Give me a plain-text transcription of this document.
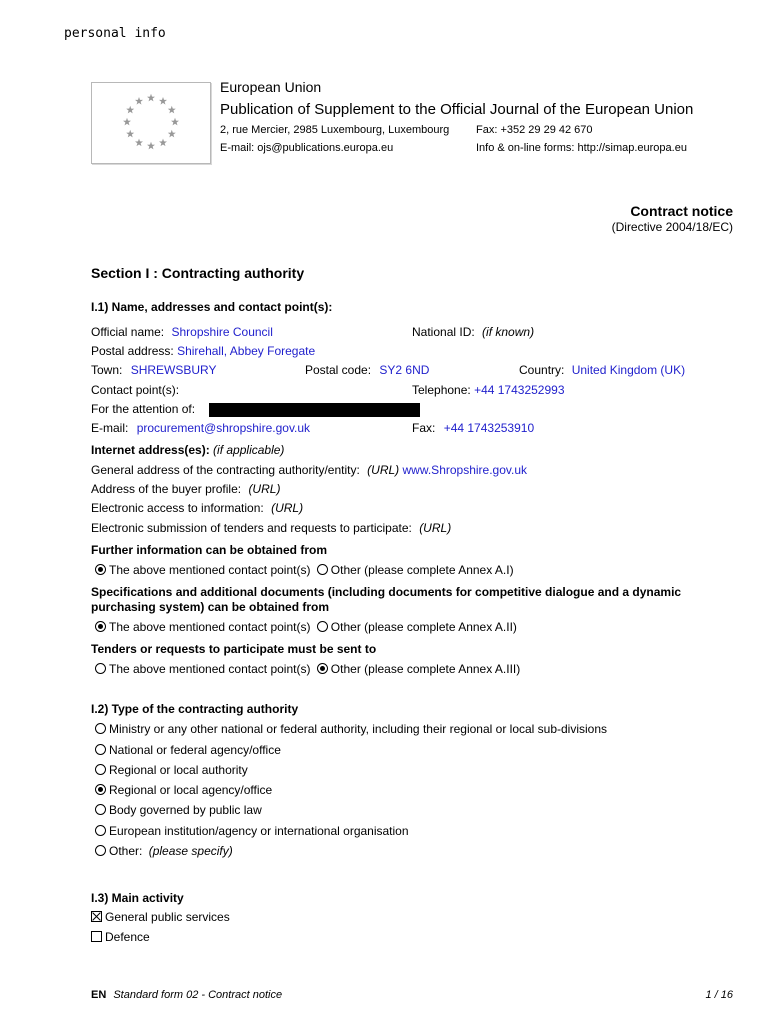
personal info
European Union
Publication of Supplement to the Official Journal of the European Union
2, rue Mercier, 2985 Luxembourg, Luxembourg Fax: +352 29 29 42 670
E-mail: ojs@publications.europa.eu	Info & on-line forms: http://simap.europa.eu
Contract notice
(Directive 2004/18/EC)
Section I : Contracting authority
I.1) Name, addresses and contact point(s):
Official name: Shropshire Council	National ID: (if known)
Postal address: Shirehall, Abbey Foregate
Town: SHREWSBURY	Postal code: SY2 6ND	Country: United Kingdom (UK)
Contact point(s):	Telephone: +44 1743252993
For the attention of:
E-mail: procurement@shropshire.gov.uk	Fax: +44 1743253910
Internet address(es): (if applicable)
General address of the contracting authority/entity: (URL) www.Shropshire.gov.uk
Address of the buyer profile: (URL)
Electronic access to information: (URL)
Electronic submission of tenders and requests to participate: (URL)
Further information can be obtained from
The above mentioned contact point(s) Other (please complete Annex A.I)
Specifications and additional documents (including documents for competitive dialogue and a dynamic
purchasing system) can be obtained from
The above mentioned contact point(s) Other (please complete Annex A.II)
Tenders or requests to participate must be sent to
The above mentioned contact point(s) Other (please complete Annex A.III)
I.2) Type of the contracting authority
Ministry or any other national or federal authority, including their regional or local sub-divisions
National or federal agency/office
Regional or local authority
Regional or local agency/office
Body governed by public law
European institution/agency or international organisation
Other: (please specify)
I.3) Main activity
General public services
Defence
EN Standard form 02 - Contract notice	1 / 16
